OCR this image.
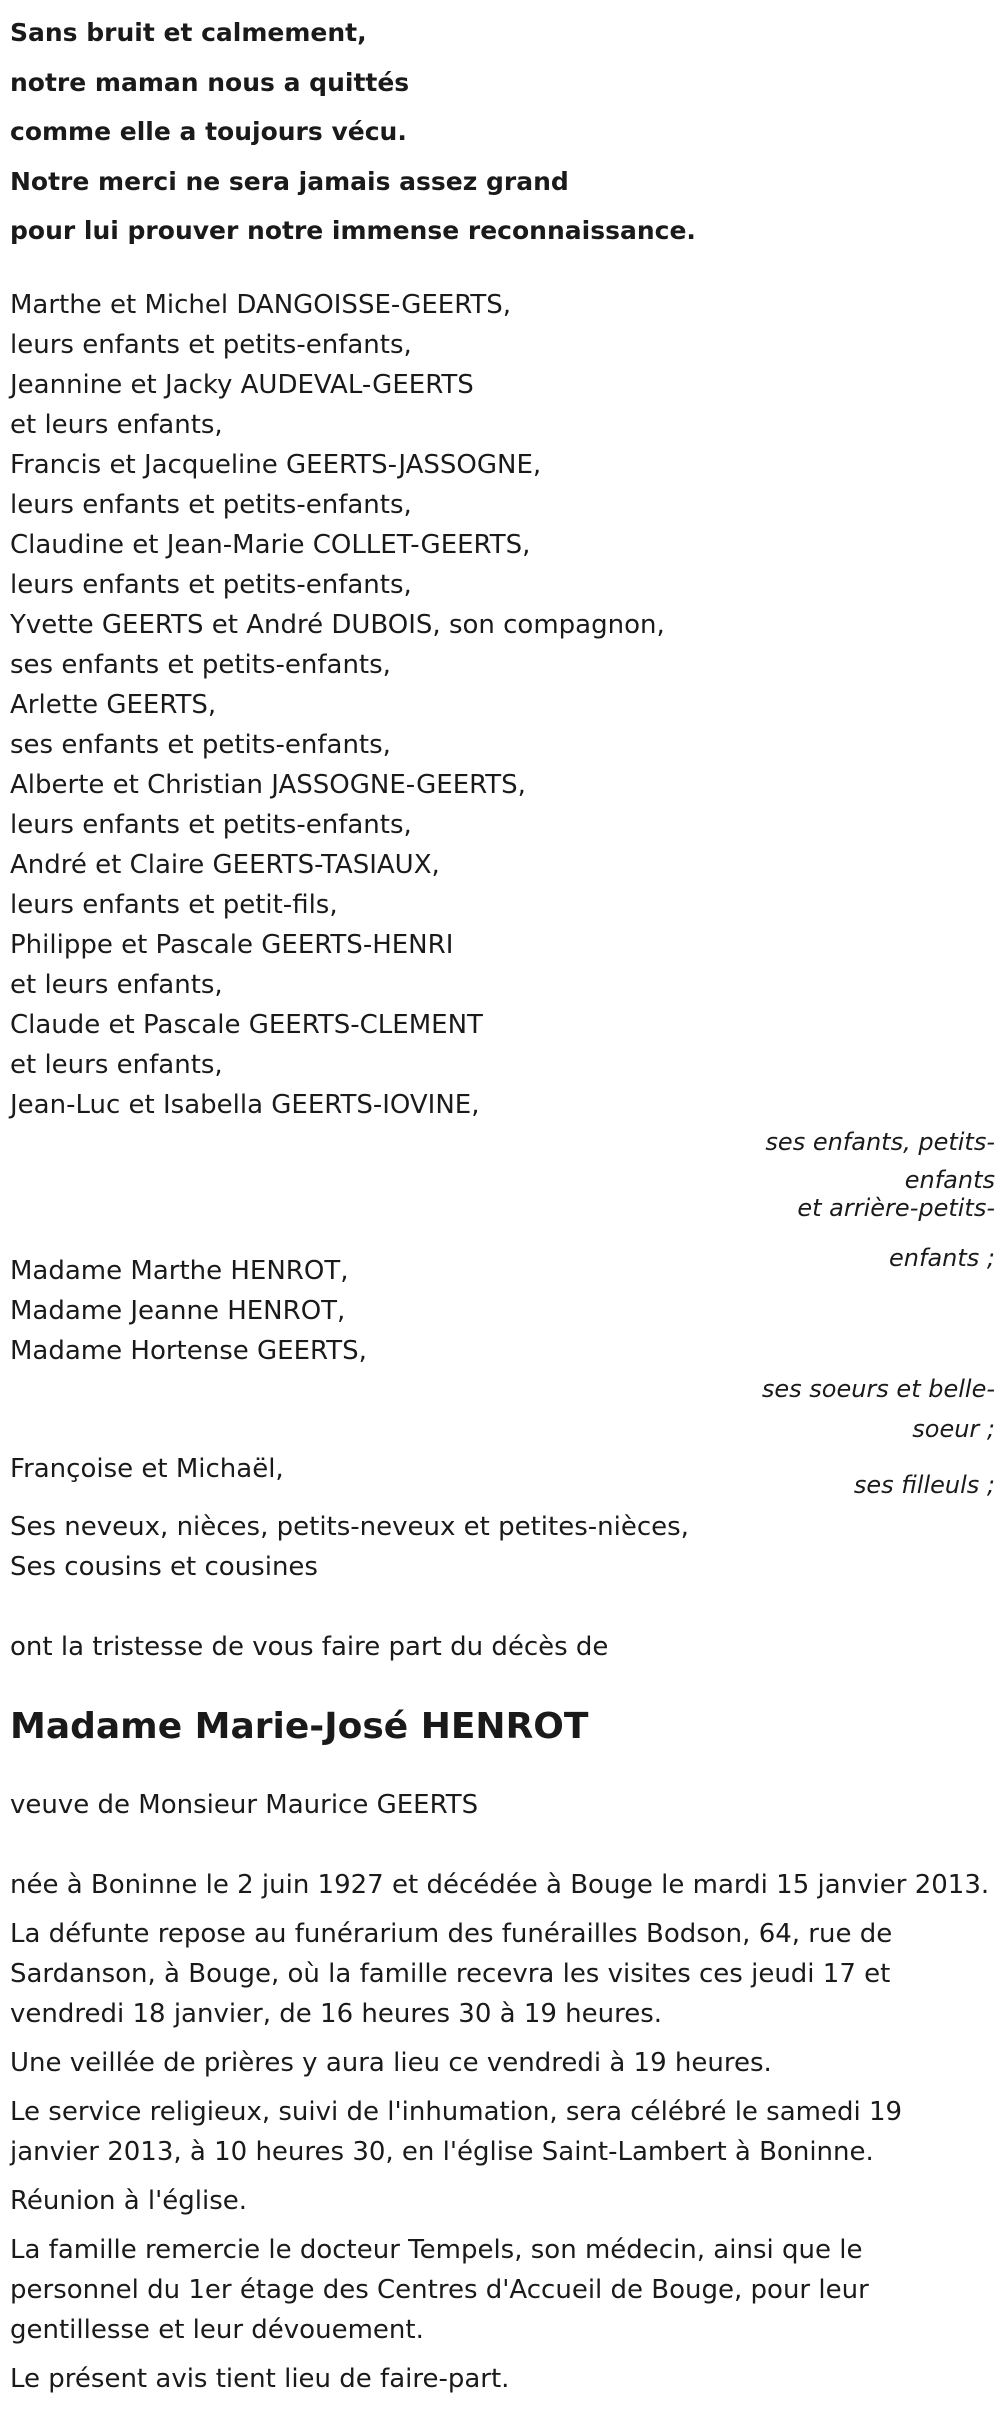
Sans bruit et calmement,
notre maman nous a quittés
comme elle a toujours vécu.
Notre merci ne sera jamais assez grand
pour lui prouver notre immense reconnaissance.
Marthe et Michel DANGOISSE-GEERTS,
leurs enfants et petits-enfants,
Jeannine et Jacky AUDEVAL-GEERTS
et leurs enfants,
Francis et Jacqueline GEERTS-JASSOGNE,
leurs enfants et petits-enfants,
Claudine et Jean-Marie COLLET-GEERTS,
leurs enfants et petits-enfants,
Yvette GEERTS et André DUBOIS, son compagnon,
ses enfants et petits-enfants,
Arlette GEERTS,
ses enfants et petits-enfants,
Alberte et Christian JASSOGNE-GEERTS,
leurs enfants et petits-enfants,
André et Claire GEERTS-TASIAUX,
leurs enfants et petit-fils,
Philippe et Pascale GEERTS-HENRI
et leurs enfants,
Claude et Pascale GEERTS-CLEMENT
et leurs enfants,
Jean-Luc et Isabella GEERTS-IOVINE,
ses enfants, petits-enfants
et arrière-petits-enfants ;
Madame Marthe HENROT,
Madame Jeanne HENROT,
Madame Hortense GEERTS,
ses soeurs et belle-soeur ;
Françoise et Michaël,
ses filleuls ;
Ses neveux, nièces, petits-neveux et petites-nièces,
Ses cousins et cousines
ont la tristesse de vous faire part du décès de
Madame Marie-José HENROT
veuve de Monsieur Maurice GEERTS

née à Boninne le 2 juin 1927 et décédée à Bouge le mardi 15 janvier 2013.

La défunte repose au funérarium des funérailles Bodson, 64, rue de Sardanson, à Bouge, où la famille recevra les visites ces jeudi 17 et vendredi 18 janvier, de 16 heures 30 à 19 heures.

Une veillée de prières y aura lieu ce vendredi à 19 heures.

Le service religieux, suivi de l'inhumation, sera célébré le samedi 19 janvier 2013, à 10 heures 30, en l'église Saint-Lambert à Boninne.

Réunion à l'église.

La famille remercie le docteur Tempels, son médecin, ainsi que le personnel du 1er étage des Centres d'Accueil de Bouge, pour leur gentillesse et leur dévouement.

Le présent avis tient lieu de faire-part.
